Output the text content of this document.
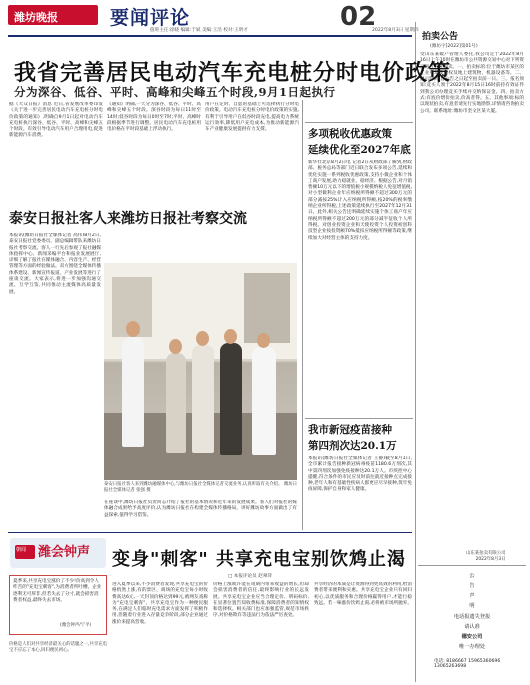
潍坊晚报	要闻评论	02
值班主任:徐晓 编辑:于斌 美编:王浩 校对:王明才	2022年8月3日 星期四
我省完善居民电动汽车充电桩分时电价政策
分为深谷、低谷、平时、高峰和尖峰五个时段,9月1日起执行
据《大众日报》消息 近日,省发展改革委印发《关于进一步完善居民电动汽车充电桩分时电价政策的通知》,明确自9月1日起对电动汽车充电桩执行深谷、低谷、平时、高峰和尖峰五个时段。有效引导电动汽车用户合理用电,促进新能源汽车消费。
《通知》明确,一天分为深谷、低谷、平时、高峰和尖峰五个时段。深谷时段为每日11时至14时;低谷时段为每日0时至7时;平时、高峰时段根据季节进行调整。居民电动汽车充电桩用电价格在平时段基础上浮动执行。
用户在定时、自愿的基础上可选择执行分时电价政策。电动汽车充电桩分时电价政策的实施,有利于引导用户在低谷时段充电,提高电力系统运行效率,降低用户充电成本,为推动新能源汽车产业健康发展提供有力支撑。
泰安日报社客人来潍坊日报社考察交流
本报讯(潍坊日报社全媒体记者 高伟)8月2日,泰安日报社党委委员、副总编辑带队来潍坊日报社考察交流。客人一行先后参观了报社融媒体指挥中心、新闻采编平台和报业发展展厅,详细了解了报社在媒体融合、内容生产、经营管理等方面的经验做法。双方围绕全媒体传播体系建设、新闻宣传报道、产业发展等进行了座谈交流。大家表示,将进一步加强沟通交流、互学互鉴,共同推动主流媒体高质量发展。
在座谈中,潍坊日报社负责同志介绍了报社的基本情况和近年来的发展成果。客人们对报社的媒体融合成果给予高度评价,认为潍坊日报社在构建全媒体传播格局、讲好潍坊故事方面做出了有益探索,值得学习借鉴。
泰安日报社客人来到潍坊融媒体中心,与潍坊日报社全媒体记者交流业务,认真听取有关介绍。 潍坊日报社全媒体记者 张强 摄
多项税收优惠政策
延续优化至2027年底
新华社北京8月2日电 记者2日从财政部了解到,财政部、税务总局等部门近日联合发布多项公告,延续和优化实施一系列税收优惠政策,支持小微企业和个体工商户发展,助力稳就业、稳经济。根据公告,对月销售额10万元以下的增值税小规模纳税人免征增值税,对小型微利企业年应纳税所得额不超过300万元的部分减按25%计入应纳税所得额,按20%的税率缴纳企业所得税,上述政策延续执行至2027年12月31日。此外,相关公告还明确延续实施个体工商户年应纳税所得额不超过200万元的部分减半征收个人所得税、对创业投资企业和天使投资个人投资初创科技型企业按投资额70%抵扣应纳税所得额等政策,继续加大对经营主体的支持力度。
我市新冠疫苗接种
第四剂次达20.1万
本报讯(潍坊日报社全媒体记者 王静)截至8月1日,全市累计报告接种新冠病毒疫苗1180.6万剂次,其中第四剂次加强免疫接种达20.1万人。市疾控中心提醒,符合条件的市民应及时前往就近接种点完成接种,老年人和有基础性疾病人群更应尽早接种,筑牢免疫屏障,保护自身和家人健康。
拍卖公告
(潍坊字[2022]第01号)
受山东某破产管理人委托,我公司定于2022年8月16日上午10时在潍坊市公共资源交易中心对下列资产进行公开拍卖。一、拍卖标的:位于潍坊市某区的工业用地使用权及地上建筑物、机器设备等。二、展示时间:自公告之日起至拍卖前一日。三、报名须知:竞买人须于2022年8月15日16时前持有效证件到我公司办理竞买手续并交纳保证金。四、拍卖方式:有底价增价拍卖,价高者得。五、其他事项:标的以现状拍卖,有意者请先行实地勘察,详情请咨询拍卖公司。联系地址:潍坊市奎文区某大厦。
山东某拍卖有限公司
2022年8月3日
公
告
声
明
电话报遗失登报
请认准
德安公司
唯一办理处
电话: 8186667 15965360696 13065263698
朝闻 潍会钟声
夏季来,共享充电宝涨价了不少!价高到令人咋舌的"充电宝刺客",为消费者所吐槽。企业逐利无可厚非,但若失去了分寸,就会损害消费者权益,最终失去市场。
(潍会钟声/宁平)
价格是人们对共享经济最关心的话题之一,共享充电宝不应忘了本心,回归便民初心。
变身"刺客" 共享充电宝别饮鸩止渴
□ 本报评论员 赵翠萍
进入夏季以来,不少消费者发现,共享充电宝的价格悄然上涨,有的景区、商场的充电宝每小时收费高达6元,一天封顶价格达到99元,被网友戏称为"充电宝刺客"。共享充电宝作为一种便民服务,在满足人们临时充电需求方面发挥了积极作用,但随着行业进入存量竞争阶段,部分企业通过涨价来提高营收。
价格上涨或许能在短期内带来收益的增长,但却会损害消费者的信任,最终影响行业的长远发展。共享充电宝企业应当合理定价、明码标价,在显著位置告知收费标准,保障消费者的知情权和选择权。相关部门也应加强监管,规范市场秩序,对价格欺诈等违法行为依法严厉查处。
共享经济的本质是让资源得到更高效的利用,给消费者带来便利和实惠。共享充电宝企业只有回归初心,以优质服务和合理价格赢得用户,才能行稳致远。若一味涨价饮鸩止渴,必将被市场所抛弃。
